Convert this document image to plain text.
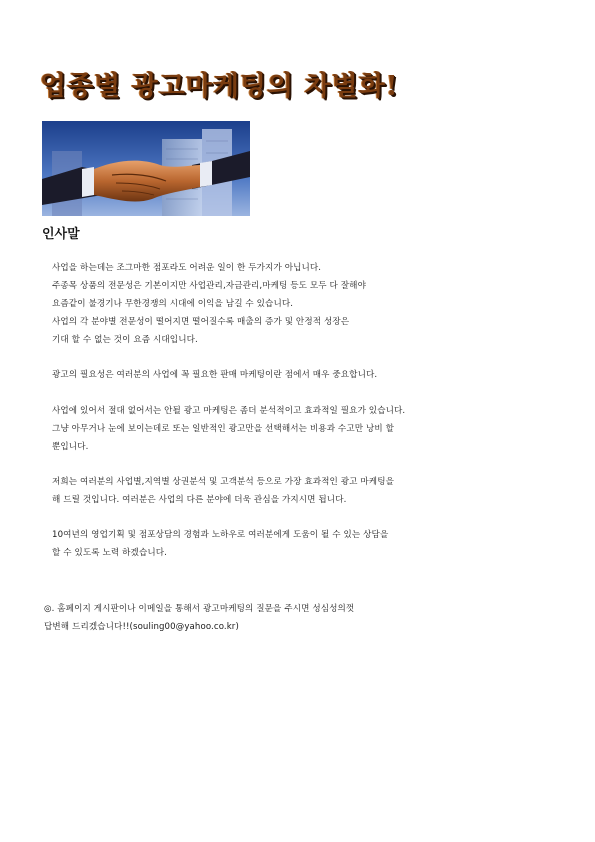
업종별 광고마케팅의 차별화!
인사말
사업을 하는데는 조그마한 점포라도 어려운 일이 한 두가지가 아닙니다.
주종목 상품의 전문성은 기본이지만 사업관리,자금관리,마케팅 등도 모두 다 잘해야
요즘같이 불경기나 무한경쟁의 시대에 이익을 남길 수 있습니다.
사업의 각 분야별 전문성이 떨어지면 떨어질수록 매출의 증가 및 안정적 성장은
기대 할 수 없는 것이 요즘 시대입니다.
광고의 필요성은 여러분의 사업에 꼭 필요한 판매 마케팅이란 점에서 매우 중요합니다.
사업에 있어서 절대 없어서는 안될 광고 마케팅은 좀더 분석적이고 효과적일 필요가 있습니다.
그냥 아무거나 눈에 보이는데로 또는 일반적인 광고만을 선택해서는 비용과 수고만 낭비 할
뿐입니다.
저희는 여러분의 사업별,지역별 상권분석 및 고객분석 등으로 가장 효과적인 광고 마케팅을
해 드릴 것입니다. 여러분은 사업의 다른 분야에 더욱 관심을 가지시면 됩니다.
10여년의 영업기획 및 점포상담의 경험과 노하우로 여러분에게 도움이 될 수 있는 상담을
할 수 있도록 노력 하겠습니다.
◎. 홈페이지 게시판이나 이메일을 통해서 광고마케팅의 질문을 주시면 성심성의껏
답변해 드리겠습니다!!(souling00@yahoo.co.kr)
